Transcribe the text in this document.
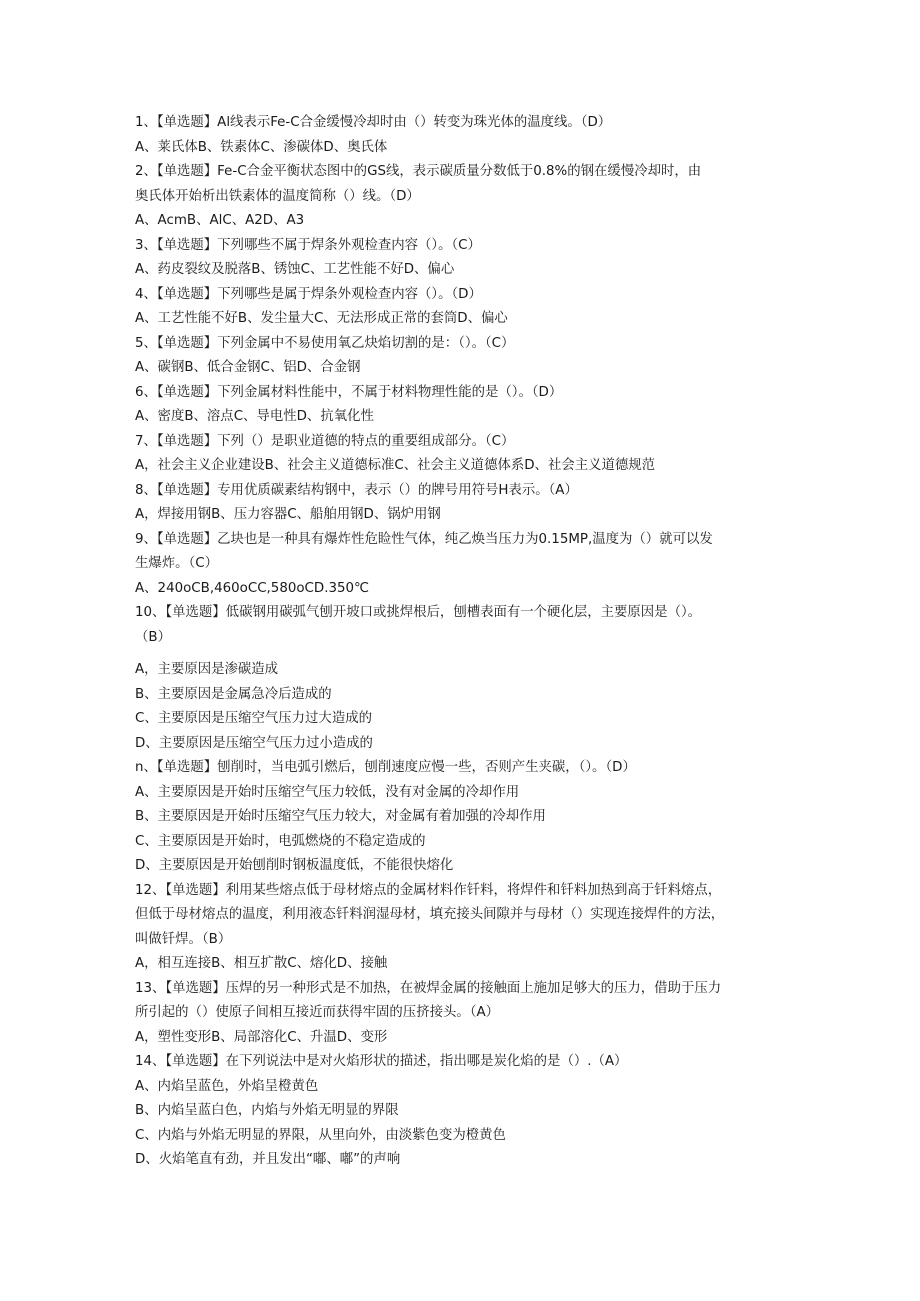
1、【单选题】Al线表示Fe-C合金缓慢冷却时由（）转变为珠光体的温度线。（D）
A、莱氏体B、铁素体C、渗碳体D、奥氏体
2、【单选题】Fe-C合金平衡状态图中的GS线，表示碳质量分数低于0.8%的钢在缓慢冷却时，由
奥氏体开始析出铁素体的温度简称（）线。（D）
A、AcmB、AlC、A2D、A3
3、【单选题】下列哪些不属于焊条外观检查内容（）。（C）
A、药皮裂纹及脱落B、锈蚀C、工艺性能不好D、偏心
4、【单选题】下列哪些是属于焊条外观检查内容（）。（D）
A、工艺性能不好B、发尘量大C、无法形成正常的套筒D、偏心
5、【单选题】下列金属中不易使用氧乙炔焰切割的是：（）。（C）
A、碳钢B、低合金钢C、铝D、合金钢
6、【单选题】下列金属材料性能中，不属于材料物理性能的是（）。（D）
A、密度B、溶点C、导电性D、抗氧化性
7、【单选题】下列（）是职业道德的特点的重要组成部分。（C）
A，社会主义企业建设B、社会主义道德标准C、社会主义道德体系D、社会主义道德规范
8、【单选题】专用优质碳素结构钢中，表示（）的牌号用符号H表示。（A）
A，焊接用钢B、压力容器C、船舶用钢D、锅炉用钢
9、【单选题】乙块也是一种具有爆炸性危睑性气体，纯乙焕当压力为0.15MP,温度为（）就可以发
生爆炸。（C）
A、240oCB,460oCC,580oCD.350℃
10、【单选题】低碳钢用碳弧气刨开坡口或挑焊根后，刨槽表面有一个硬化层，主要原因是（）。
（B）
A，主要原因是渗碳造成
B、主要原因是金属急冷后造成的
C、主要原因是压缩空气压力过大造成的
D、主要原因是压缩空气压力过小造成的
n、【单选题】刨削时，当电弧引燃后，刨削速度应慢一些，否则产生夹碳，（）。（D）
A、主要原因是开始时压缩空气压力较低，没有对金属的冷却作用
B、主要原因是开始时压缩空气压力较大，对金属有着加强的冷却作用
C、主要原因是开始时，电弧燃烧的不稳定造成的
D、主要原因是开始刨削时钢板温度低，不能很快熔化
12、【单选题】利用某些熔点低于母材熔点的金属材料作钎料，将焊件和钎料加热到高于钎料熔点，
但低于母材熔点的温度，利用液态钎料润湿母材，填充接头间隙并与母材（）实现连接焊件的方法，
叫做钎焊。（B）
A，相互连接B、相互扩散C、熔化D、接触
13、【单选题】压焊的另一种形式是不加热，在被焊金属的接触面上施加足够大的压力，借助于压力
所引起的（）使原子间相互接近而获得牢固的压挤接头。（A）
A，塑性变形B、局部溶化C、升温D、变形
14、【单选题】在下列说法中是对火焰形状的描述，指出哪是炭化焰的是（）.（A）
A、内焰呈蓝色，外焰呈橙黄色
B、内焰呈蓝白色，内焰与外焰无明显的界限
C、内焰与外焰无明显的界限，从里向外，由淡紫色变为橙黄色
D、火焰笔直有劲，并且发出“嘟、嘟”的声响
